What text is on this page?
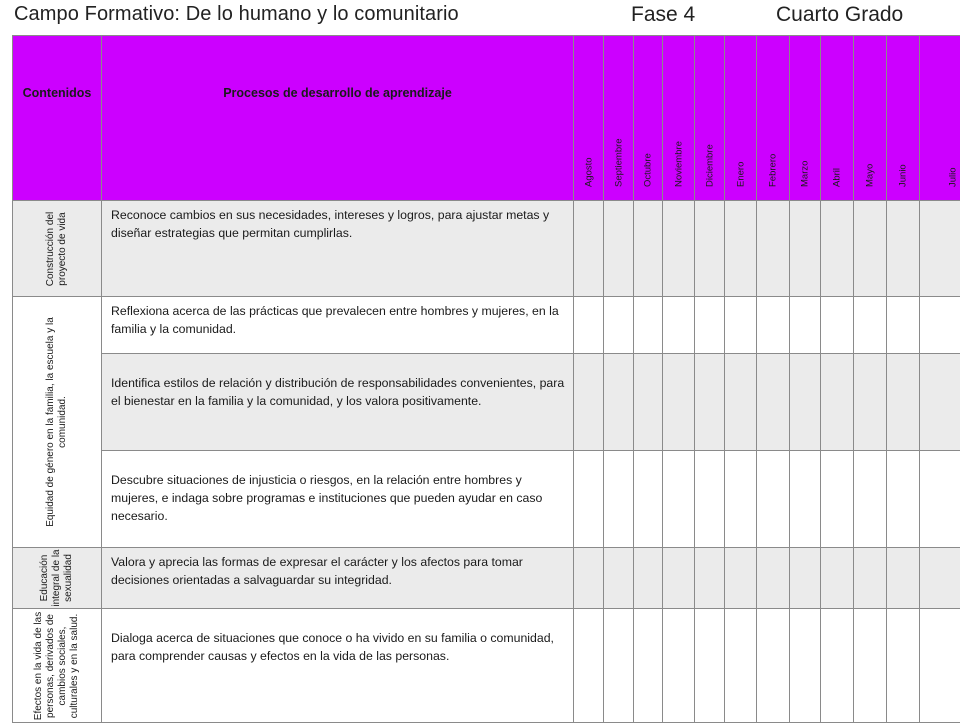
Campo Formativo: De lo humano y lo comunitario	Fase 4	Cuarto Grado
Contenidos	Procesos de desarrollo de aprendizaje	Agosto	Septiembre	Octubre	Noviembre	Diciembre	Enero	Febrero	Marzo	Abril	Mayo	Junio	Julio

Construcción del proyecto de vida	Reconoce cambios en sus necesidades, intereses y logros, para ajustar metas y diseñar estrategias que permitan cumplirlas.												

Equidad de género en la familia, la escuela y la comunidad.	Reflexiona acerca de las prácticas que prevalecen entre hombres y mujeres, en la familia y la comunidad.												
	Identifica estilos de relación y distribución de responsabilidades convenientes, para el bienestar en la familia y la comunidad, y los valora positivamente.												
	Descubre situaciones de injusticia o riesgos, en la relación entre hombres y mujeres, e indaga sobre programas e instituciones que pueden ayudar en caso necesario.												

Educación integral de la sexualidad	Valora y aprecia las formas de expresar el carácter y los afectos para tomar decisiones orientadas a salvaguardar su integridad.												

Efectos en la vida de las personas, derivados de cambios sociales, culturales y en la salud.	Dialoga acerca de situaciones que conoce o ha vivido en su familia o comunidad, para comprender causas y efectos en la vida de las personas.												
